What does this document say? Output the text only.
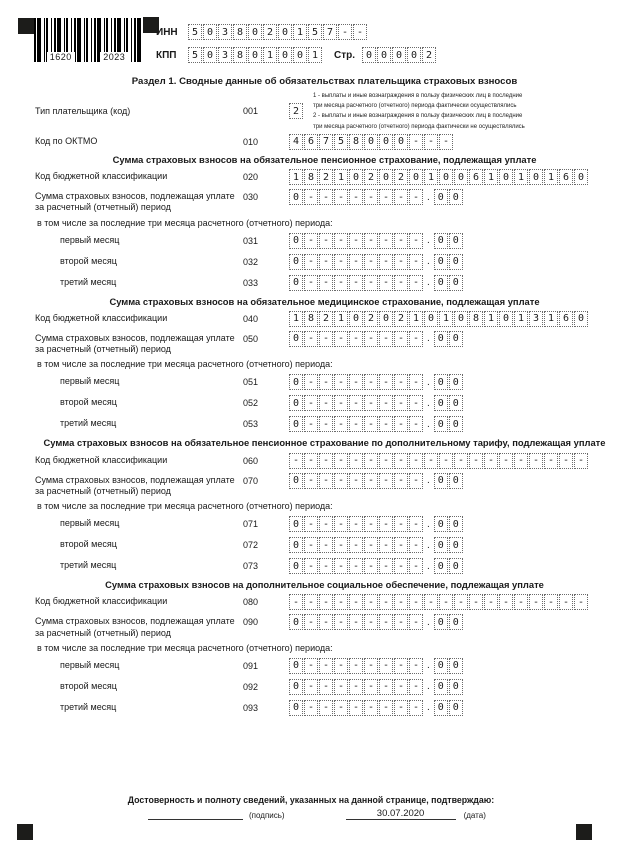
1620	2023
ИНН	5 0 3 8 0 2 0 1 5 7 - -
КПП	5 0 3 8 0 1 0 0 1	Стр.	0 0 0 0 2
Раздел 1. Сводные данные об обязательствах плательщика страховых взносов
Тип плательщика (код)	001	2
1 - выплаты и иные вознаграждения в пользу физических лиц в последние
три месяца расчетного (отчетного) периода фактически осуществлялись
2 - выплаты и иные вознаграждения в пользу физических лиц в последние
три месяца расчетного (отчетного) периода фактически не осуществлялись
Код по ОКТМО	010	4 6 7 5 8 0 0 0 - - -
Сумма страховых взносов на обязательное пенсионное страхование, подлежащая уплате
Код бюджетной классификации	020	1 8 2 1 0 2 0 2 0 1 0 0 6 1 0 1 0 1 6 0
Сумма страховых взносов, подлежащая уплате за расчетный (отчетный) период
030	0 - - - - - - - - . 0 0
в том числе за последние три месяца расчетного (отчетного) периода:
первый месяц	031	0 - - - - - - - - . 0 0
второй месяц	032	0 - - - - - - - - . 0 0
третий месяц	033	0 - - - - - - - - . 0 0
Сумма страховых взносов на обязательное медицинское страхование, подлежащая уплате
Код бюджетной классификации	040	1 8 2 1 0 2 0 2 1 0 1 0 8 1 0 1 3 1 6 0
Сумма страховых взносов, подлежащая уплате за расчетный (отчетный) период
050	0 - - - - - - - - . 0 0
в том числе за последние три месяца расчетного (отчетного) периода:
первый месяц	051	0 - - - - - - - - . 0 0
второй месяц	052	0 - - - - - - - - . 0 0
третий месяц	053	0 - - - - - - - - . 0 0
Сумма страховых взносов на обязательное пенсионное страхование по дополнительному тарифу, подлежащая уплате
Код бюджетной классификации	060	- - - - - - - - - - - - - - - - - - - -
Сумма страховых взносов, подлежащая уплате за расчетный (отчетный) период
070	0 - - - - - - - - . 0 0
в том числе за последние три месяца расчетного (отчетного) периода:
первый месяц	071	0 - - - - - - - - . 0 0
второй месяц	072	0 - - - - - - - - . 0 0
третий месяц	073	0 - - - - - - - - . 0 0
Сумма страховых взносов на дополнительное социальное обеспечение, подлежащая уплате
Код бюджетной классификации	080	- - - - - - - - - - - - - - - - - - - -
Сумма страховых взносов, подлежащая уплате за расчетный (отчетный) период
090	0 - - - - - - - - . 0 0
в том числе за последние три месяца расчетного (отчетного) периода:
первый месяц	091	0 - - - - - - - - . 0 0
второй месяц	092	0 - - - - - - - - . 0 0
третий месяц	093	0 - - - - - - - - . 0 0
Достоверность и полноту сведений, указанных на данной странице, подтверждаю:
(подпись)	30.07.2020	(дата)
